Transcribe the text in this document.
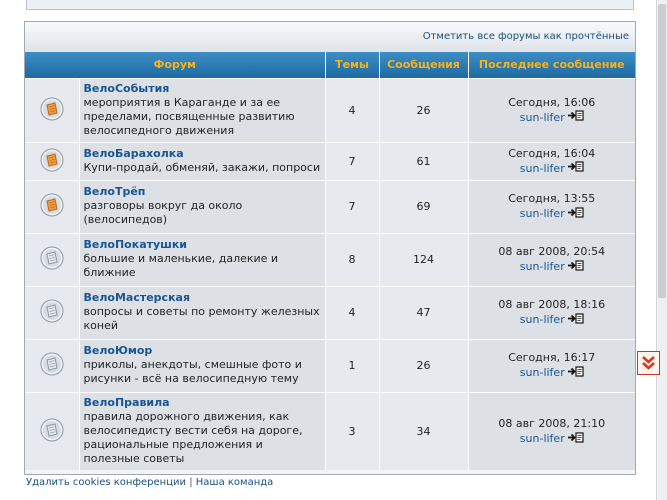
Отметить все форумы как прочтённые
Форум		Темы	Сообщения	Последнее сообщение

ВелоСобытия
мероприятия в Караганде и за ее пределами, посвященные развитию велосипедного движения	4	26	Сегодня, 16:06
sun-lifer

ВелоБарахолка
Купи-продай, обменяй, закажи, попроси	7	61	Сегодня, 16:04
sun-lifer

ВелоТрёп
разговоры вокруг да около (велосипедов)	7	69	Сегодня, 13:55
sun-lifer

ВелоПокатушки
большие и маленькие, далекие и ближние	8	124	08 авг 2008, 20:54
sun-lifer

ВелоМастерская
вопросы и советы по ремонту железных коней	4	47	08 авг 2008, 18:16
sun-lifer

ВелоЮмор
приколы, анекдоты, смешные фото и рисунки - всё на велосипедную тему	1	26	Сегодня, 16:17
sun-lifer

ВелоПравила
правила дорожного движения, как велосипедисту вести себя на дороге, рациональные предложения и полезные советы	3	34	08 авг 2008, 21:10
sun-lifer
Удалить cookies конференции | Наша команда
